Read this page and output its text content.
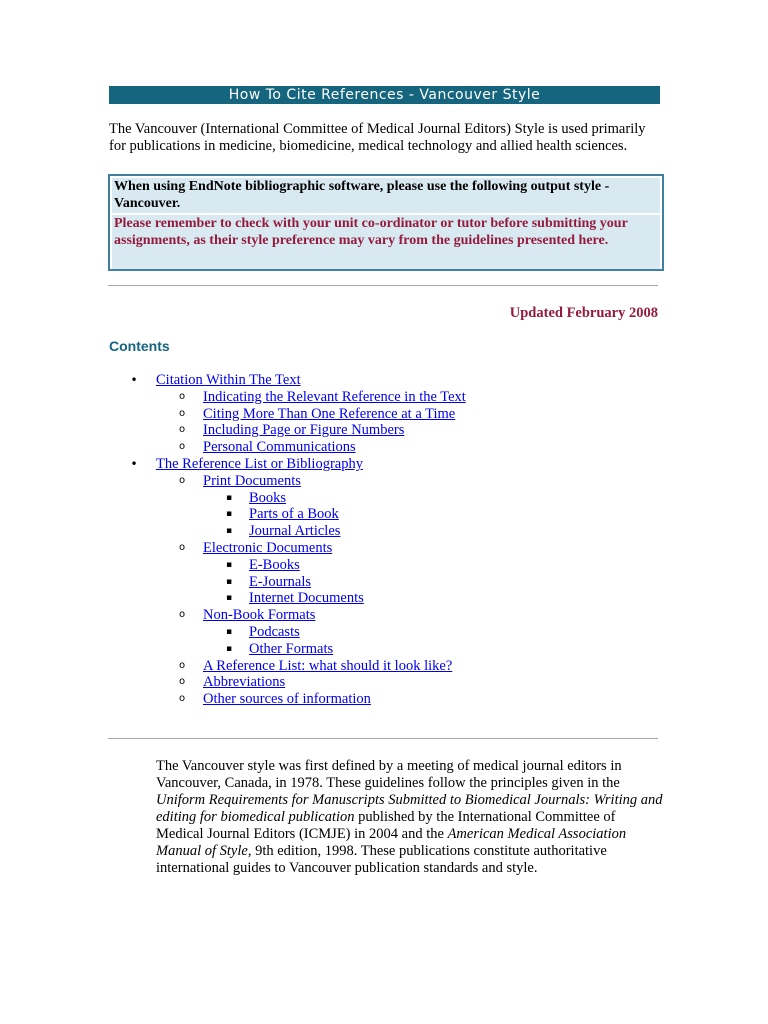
How To Cite References - Vancouver Style
The Vancouver (International Committee of Medical Journal Editors) Style is used primarily for publications in medicine, biomedicine, medical technology and allied health sciences.
When using EndNote bibliographic software, please use the following output style - Vancouver.
Please remember to check with your unit co-ordinator or tutor before submitting your assignments, as their style preference may vary from the guidelines presented here.
Updated February 2008
Contents
• Citation Within The Text
o Indicating the Relevant Reference in the Text
o Citing More Than One Reference at a Time
o Including Page or Figure Numbers
o Personal Communications
• The Reference List or Bibliography
o Print Documents
▪ Books
▪ Parts of a Book
▪ Journal Articles
o Electronic Documents
▪ E-Books
▪ E-Journals
▪ Internet Documents
o Non-Book Formats
▪ Podcasts
▪ Other Formats
o A Reference List: what should it look like?
o Abbreviations
o Other sources of information
The Vancouver style was first defined by a meeting of medical journal editors in Vancouver, Canada, in 1978. These guidelines follow the principles given in the Uniform Requirements for Manuscripts Submitted to Biomedical Journals: Writing and editing for biomedical publication published by the International Committee of Medical Journal Editors (ICMJE) in 2004 and the American Medical Association Manual of Style, 9th edition, 1998. These publications constitute authoritative international guides to Vancouver publication standards and style.
